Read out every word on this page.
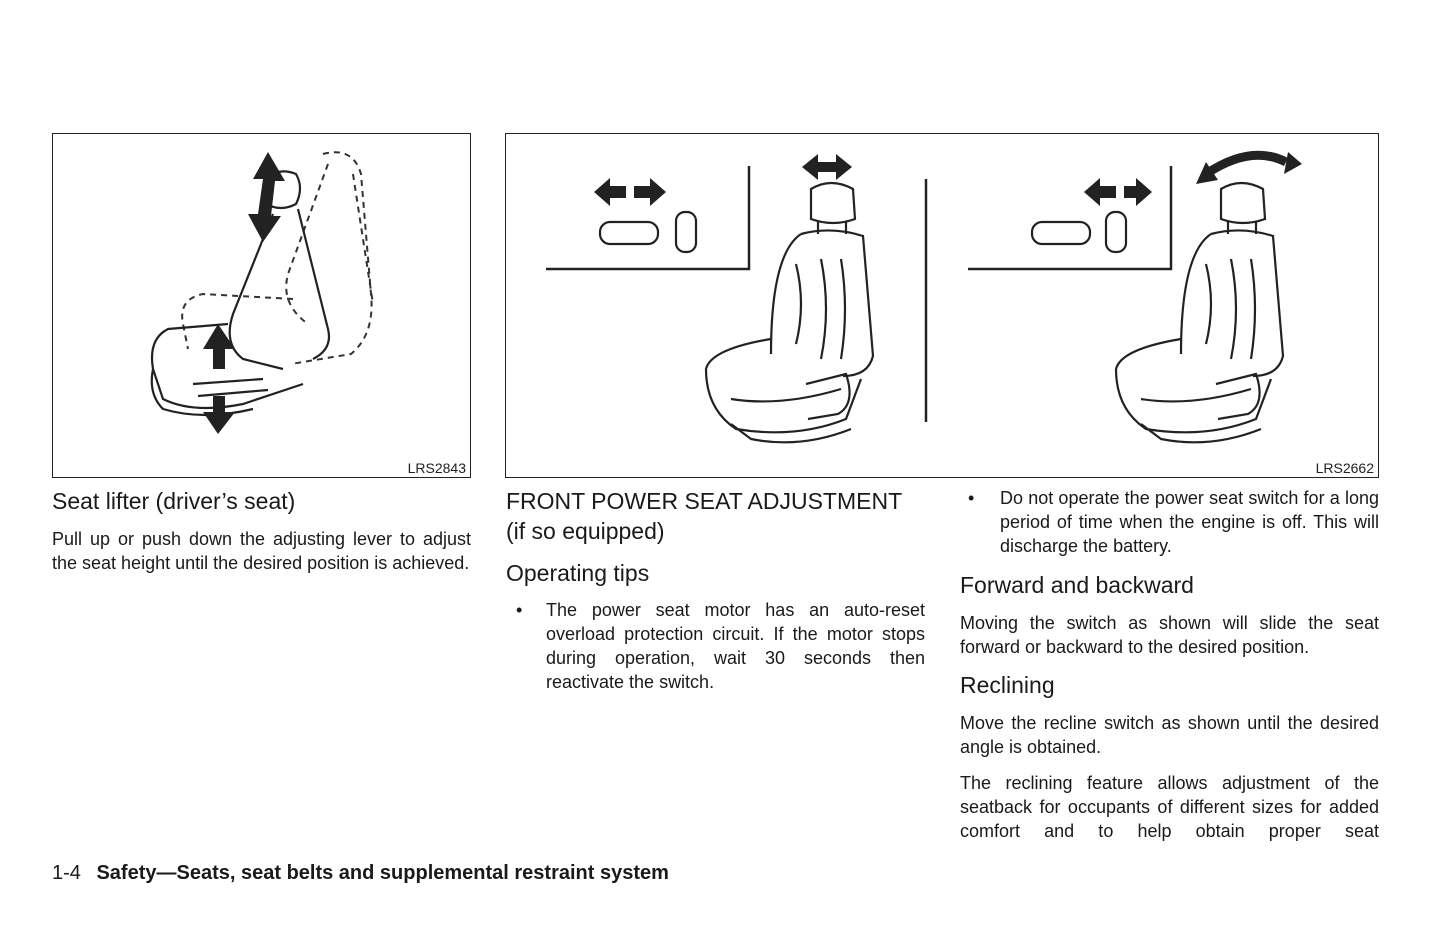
LRS2843	LRS2662
Seat lifter (driver’s seat)

Pull up or push down the adjusting lever to adjust the seat height until the desired position is achieved.

FRONT POWER SEAT ADJUSTMENT
(if so equipped)
Operating tips
• The power seat motor has an auto-reset overload protection circuit. If the motor stops during operation, wait 30 seconds then reactivate the switch.
• Do not operate the power seat switch for a long period of time when the engine is off. This will discharge the battery.
Forward and backward

Moving the switch as shown will slide the seat forward or backward to the desired position.

Reclining

Move the recline switch as shown until the desired angle is obtained.

The reclining feature allows adjustment of the seatback for occupants of different sizes for added comfort and to help obtain proper seat

1-4 Safety—Seats, seat belts and supplemental restraint system
